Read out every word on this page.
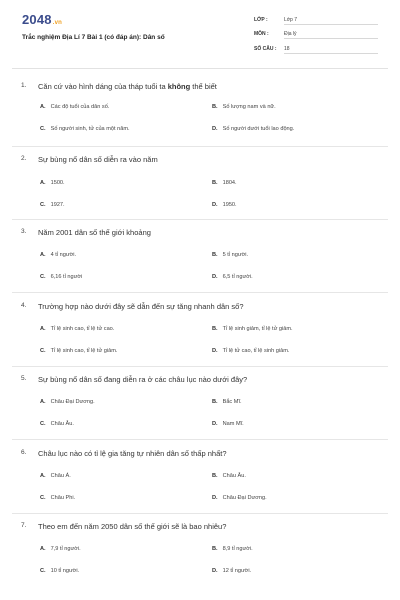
2048.vn
Trắc nghiệm Địa Lí 7 Bài 1 (có đáp án): Dân số
LỚP :	Lớp 7
MÔN :	Địa lý
SỐ CÂU : 18
1. Căn cứ vào hình dáng của tháp tuổi ta không thể biết
A. Các độ tuổi của dân số.	B. Số lượng nam và nữ.
C. Số người sinh, tử của một năm.	D. Số người dưới tuổi lao động.
2. Sự bùng nổ dân số diễn ra vào năm
A. 1500.	B. 1804.
C. 1927.	D. 1950.
3. Năm 2001 dân số thế giới khoảng
A. 4 tỉ người.	B. 5 tỉ người.
C. 6,16 tỉ người	D. 6,5 tỉ người.
4. Trường hợp nào dưới đây sẽ dẫn đến sự tăng nhanh dân số?
A. Tỉ lệ sinh cao, tỉ lệ tử cao.	B. Tỉ lệ sinh giảm, tỉ lệ tử giảm.
C. Tỉ lệ sinh cao, tỉ lệ tử giảm.	D. Tỉ lệ tử cao, tỉ lệ sinh giảm.
5. Sự bùng nổ dân số đang diễn ra ở các châu lục nào dưới đây?
A. Châu Đại Dương.	B. Bắc Mĩ.
C. Châu Âu.	D. Nam Mĩ.
6. Châu lục nào có tỉ lệ gia tăng tự nhiên dân số thấp nhất?
A. Châu Á.	B. Châu Âu.
C. Châu Phi.	D. Châu Đại Dương.
7. Theo em đến năm 2050 dân số thế giới sẽ là bao nhiêu?
A. 7,9 tỉ người.	B. 8,9 tỉ người.
C. 10 tỉ người.	D. 12 tỉ người.
